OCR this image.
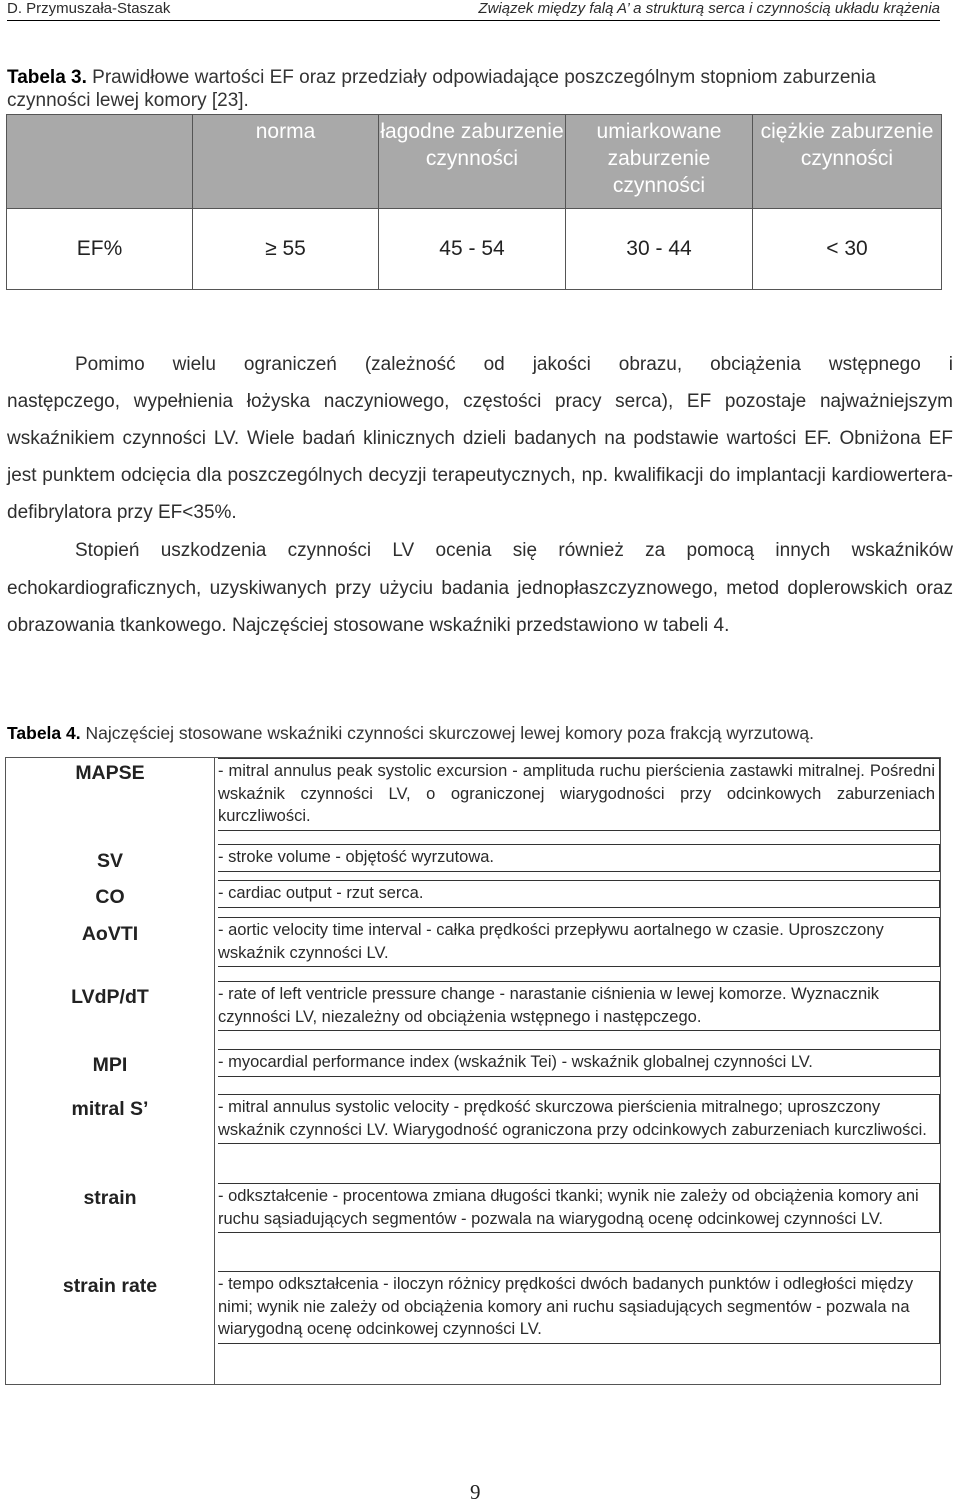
D. Przymuszała-Staszak	Związek między falą A’ a strukturą serca i czynnością układu krążenia
Tabela 3. Prawidłowe wartości EF oraz przedziały odpowiadające poszczególnym stopniom zaburzenia czynności lewej komory [23].
	norma	łagodne zaburzenie czynności	umiarkowane zaburzenie czynności	ciężkie zaburzenie czynności
EF%	≥ 55	45 - 54	30 - 44	< 30
Pomimo wielu ograniczeń (zależność od jakości obrazu, obciążenia wstępnego i
następczego, wypełnienia łożyska naczyniowego, częstości pracy serca), EF pozostaje najważniejszym wskaźnikiem czynności LV. Wiele badań klinicznych dzieli badanych na podstawie wartości EF. Obniżona EF jest punktem odcięcia dla poszczególnych decyzji terapeutycznych, np. kwalifikacji do implantacji kardiowertera-defibrylatora przy EF<35%.
Stopień uszkodzenia czynności LV ocenia się również za pomocą innych wskaźników echokardiograficznych, uzyskiwanych przy użyciu badania jednopłaszczyznowego, metod doplerowskich oraz obrazowania tkankowego. Najczęściej stosowane wskaźniki przedstawiono w tabeli 4.
Tabela 4. Najczęściej stosowane wskaźniki czynności skurczowej lewej komory poza frakcją wyrzutową.
MAPSE	- mitral annulus peak systolic excursion - amplituda ruchu pierścienia zastawki mitralnej. Pośredni wskaźnik czynności LV, o ograniczonej wiarygodności przy odcinkowych zaburzeniach kurczliwości.
SV	- stroke volume - objętość wyrzutowa.
CO	- cardiac output - rzut serca.
AoVTI	- aortic velocity time interval - całka prędkości przepływu aortalnego w czasie. Uproszczony wskaźnik czynności LV.
LVdP/dT	- rate of left ventricle pressure change - narastanie ciśnienia w lewej komorze. Wyznacznik czynności LV, niezależny od obciążenia wstępnego i następczego.
MPI	- myocardial performance index (wskaźnik Tei) - wskaźnik globalnej czynności LV.
mitral S’	- mitral annulus systolic velocity - prędkość skurczowa pierścienia mitralnego; uproszczony wskaźnik czynności LV. Wiarygodność ograniczona przy odcinkowych zaburzeniach kurczliwości.
strain	- odkształcenie - procentowa zmiana długości tkanki; wynik nie zależy od obciążenia komory ani ruchu sąsiadujących segmentów - pozwala na wiarygodną ocenę odcinkowej czynności LV.
strain rate	- tempo odkształcenia - iloczyn różnicy prędkości dwóch badanych punktów i odległości między nimi; wynik nie zależy od obciążenia komory ani ruchu sąsiadujących segmentów - pozwala na wiarygodną ocenę odcinkowej czynności LV.
9
